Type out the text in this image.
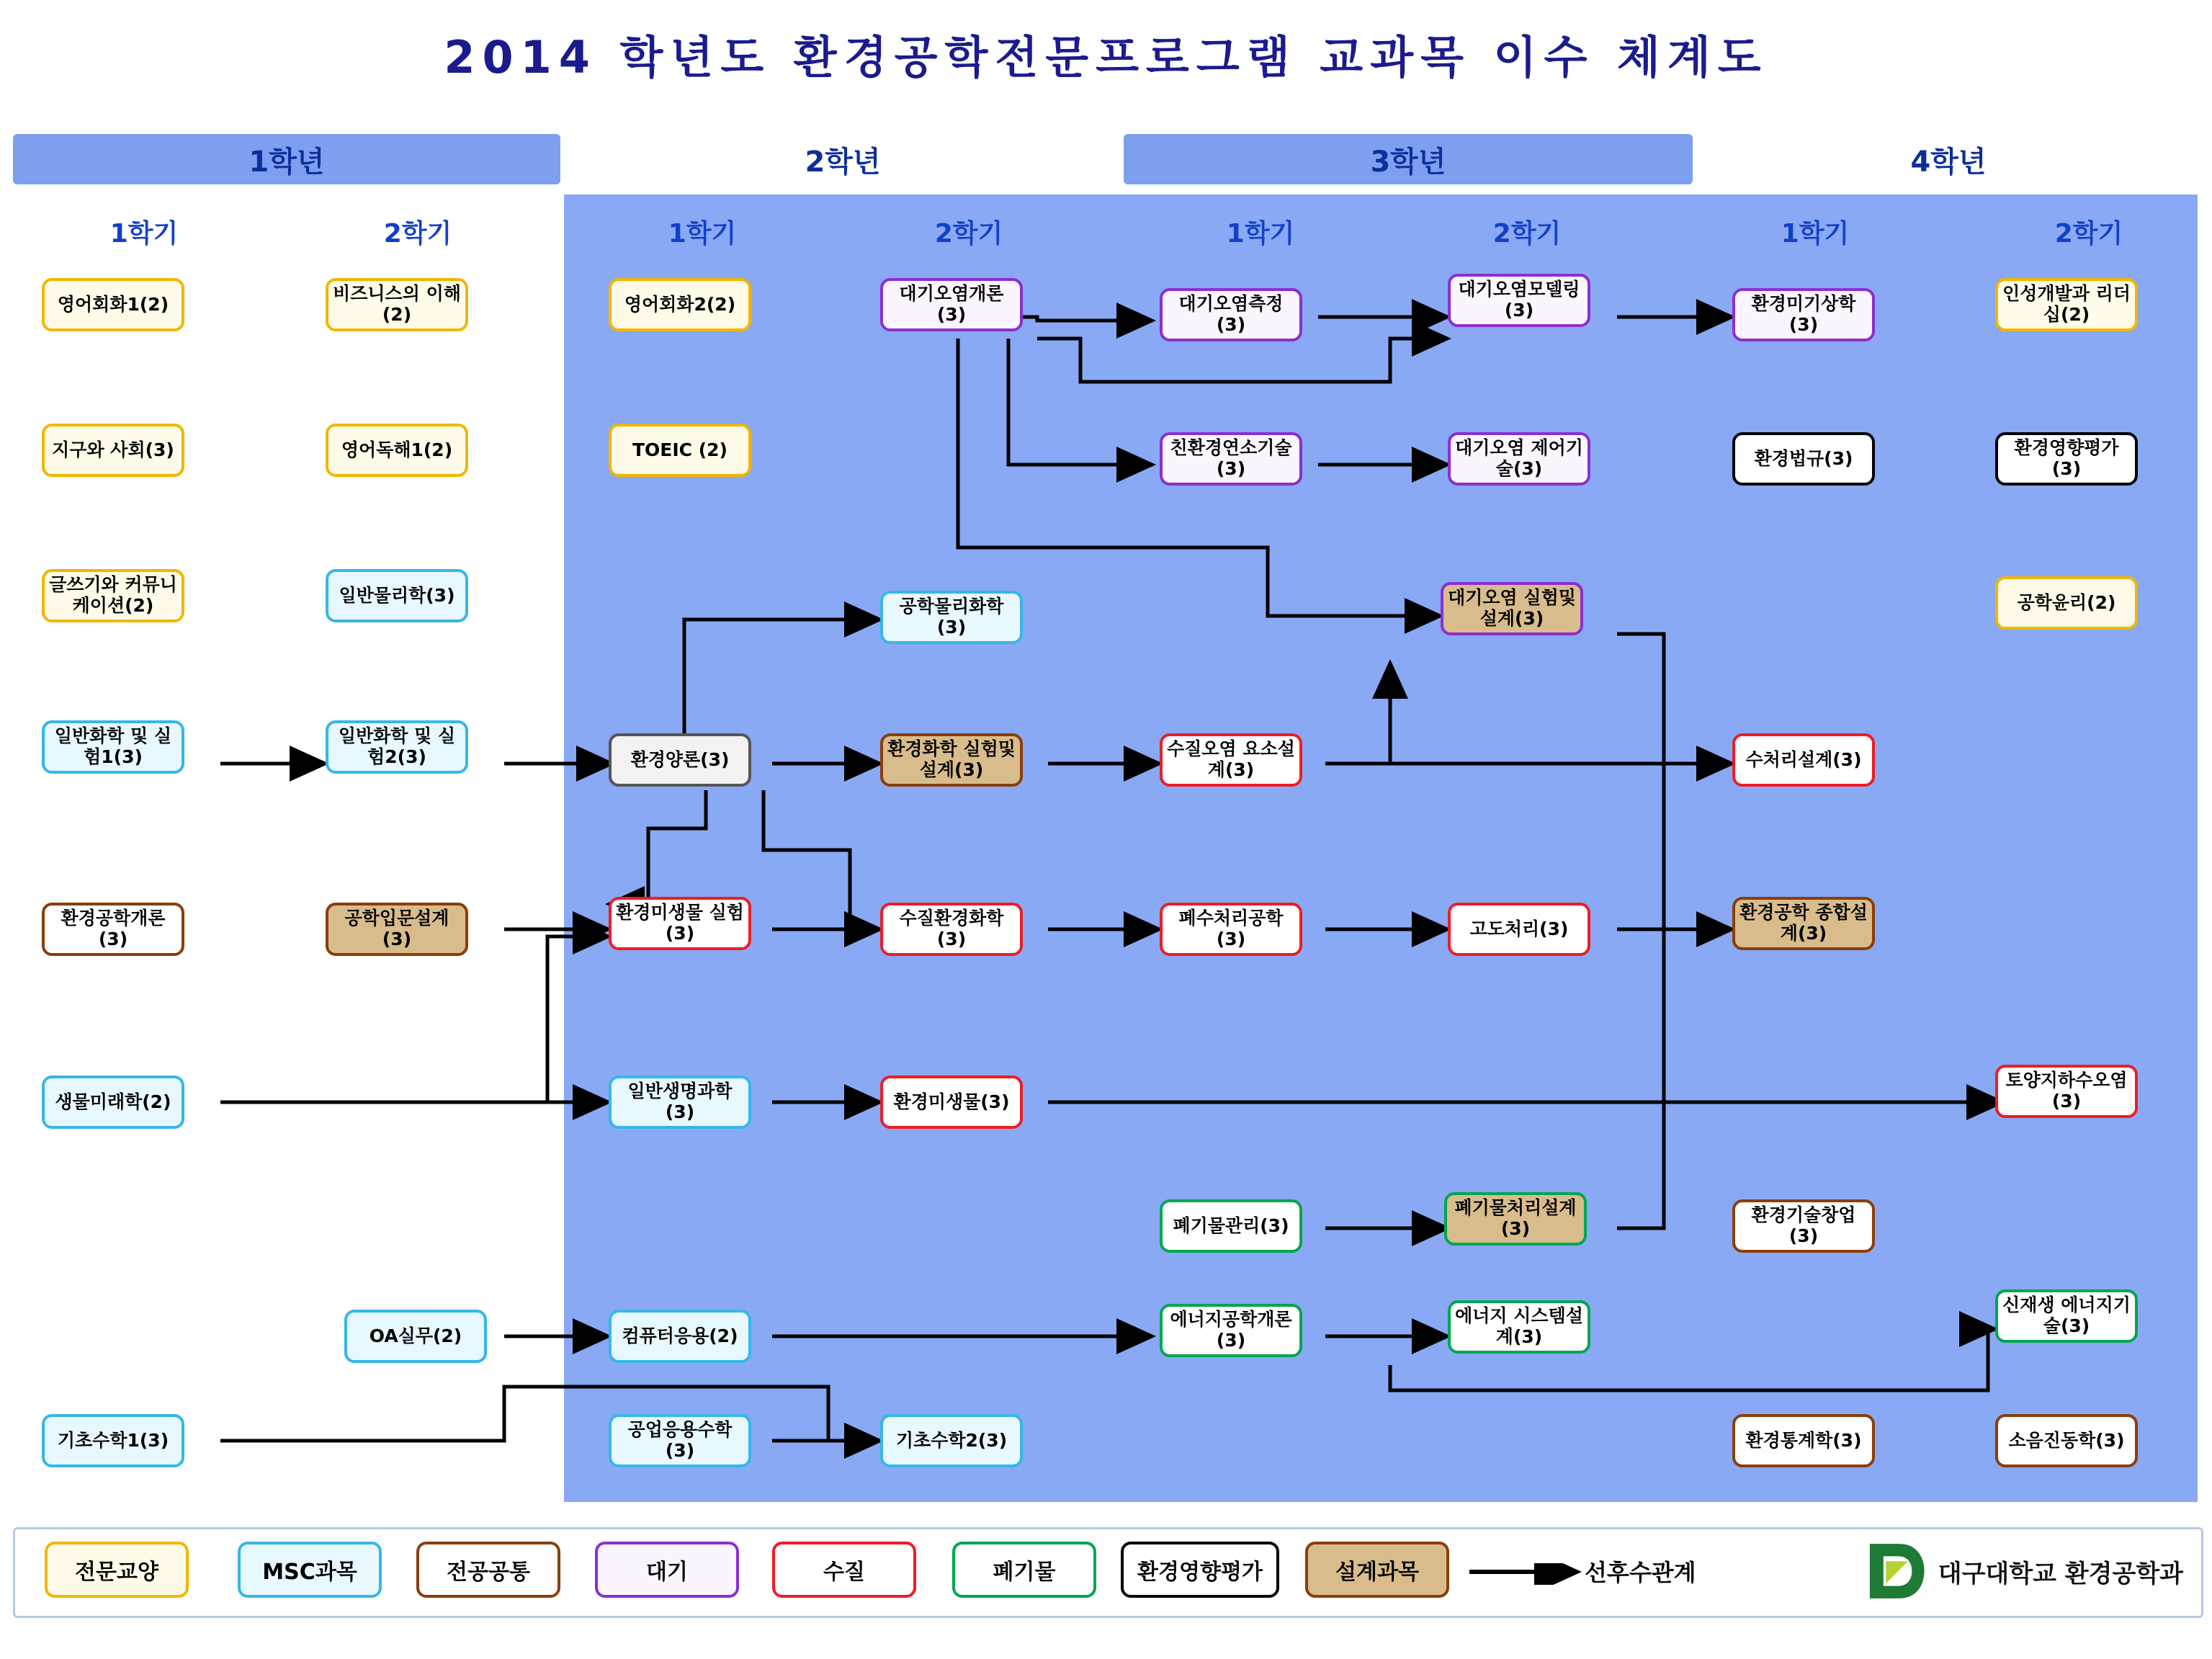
2014 학년도 환경공학전문프로그램 교과목 이수 체계도
1학년	2학년	3학년	4학년
1학기	2학기	1학기	2학기	1학기	2학기	1학기	2학기
영어회화1(2)
지구와 사회(3)
글쓰기와 커뮤니케이션(2)
일반화학 및 실험1(3)
환경공학개론(3)
생물미래학(2)
기초수학1(3)
비즈니스의 이해(2)
영어독해1(2)
일반물리학(3)
일반화학 및 실험2(3)
공학입문설계(3)
OA실무(2)
영어회화2(2)
TOEIC (2)
환경양론(3)
환경미생물 실험(3)
일반생명과학(3)
컴퓨터응용(2)
공업응용수학(3)
대기오염개론(3)
공학물리화학(3)
환경화학 실험및설계(3)
수질환경화학(3)
환경미생물(3)
기초수학2(3)
대기오염측정(3)
친환경연소기술(3)
수질오염 요소설계(3)
폐수처리공학(3)
폐기물관리(3)
에너지공학개론(3)
대기오염모델링(3)
대기오염 제어기술(3)
대기오염 실험및설계(3)
고도처리(3)
폐기물처리설계(3)
에너지 시스템설계(3)
환경미기상학(3)
환경법규(3)
수처리설계(3)
환경공학 종합설계(3)
환경기술창업(3)
환경통계학(3)
인성개발과 리더십(2)
환경영향평가(3)
공학윤리(2)
토양지하수오염(3)
신재생 에너지기술(3)
소음진동학(3)
전문교양	MSC과목	전공공통	대기	수질	폐기물	환경영향평가	설계과목	선후수관계	대구대학교 환경공학과
